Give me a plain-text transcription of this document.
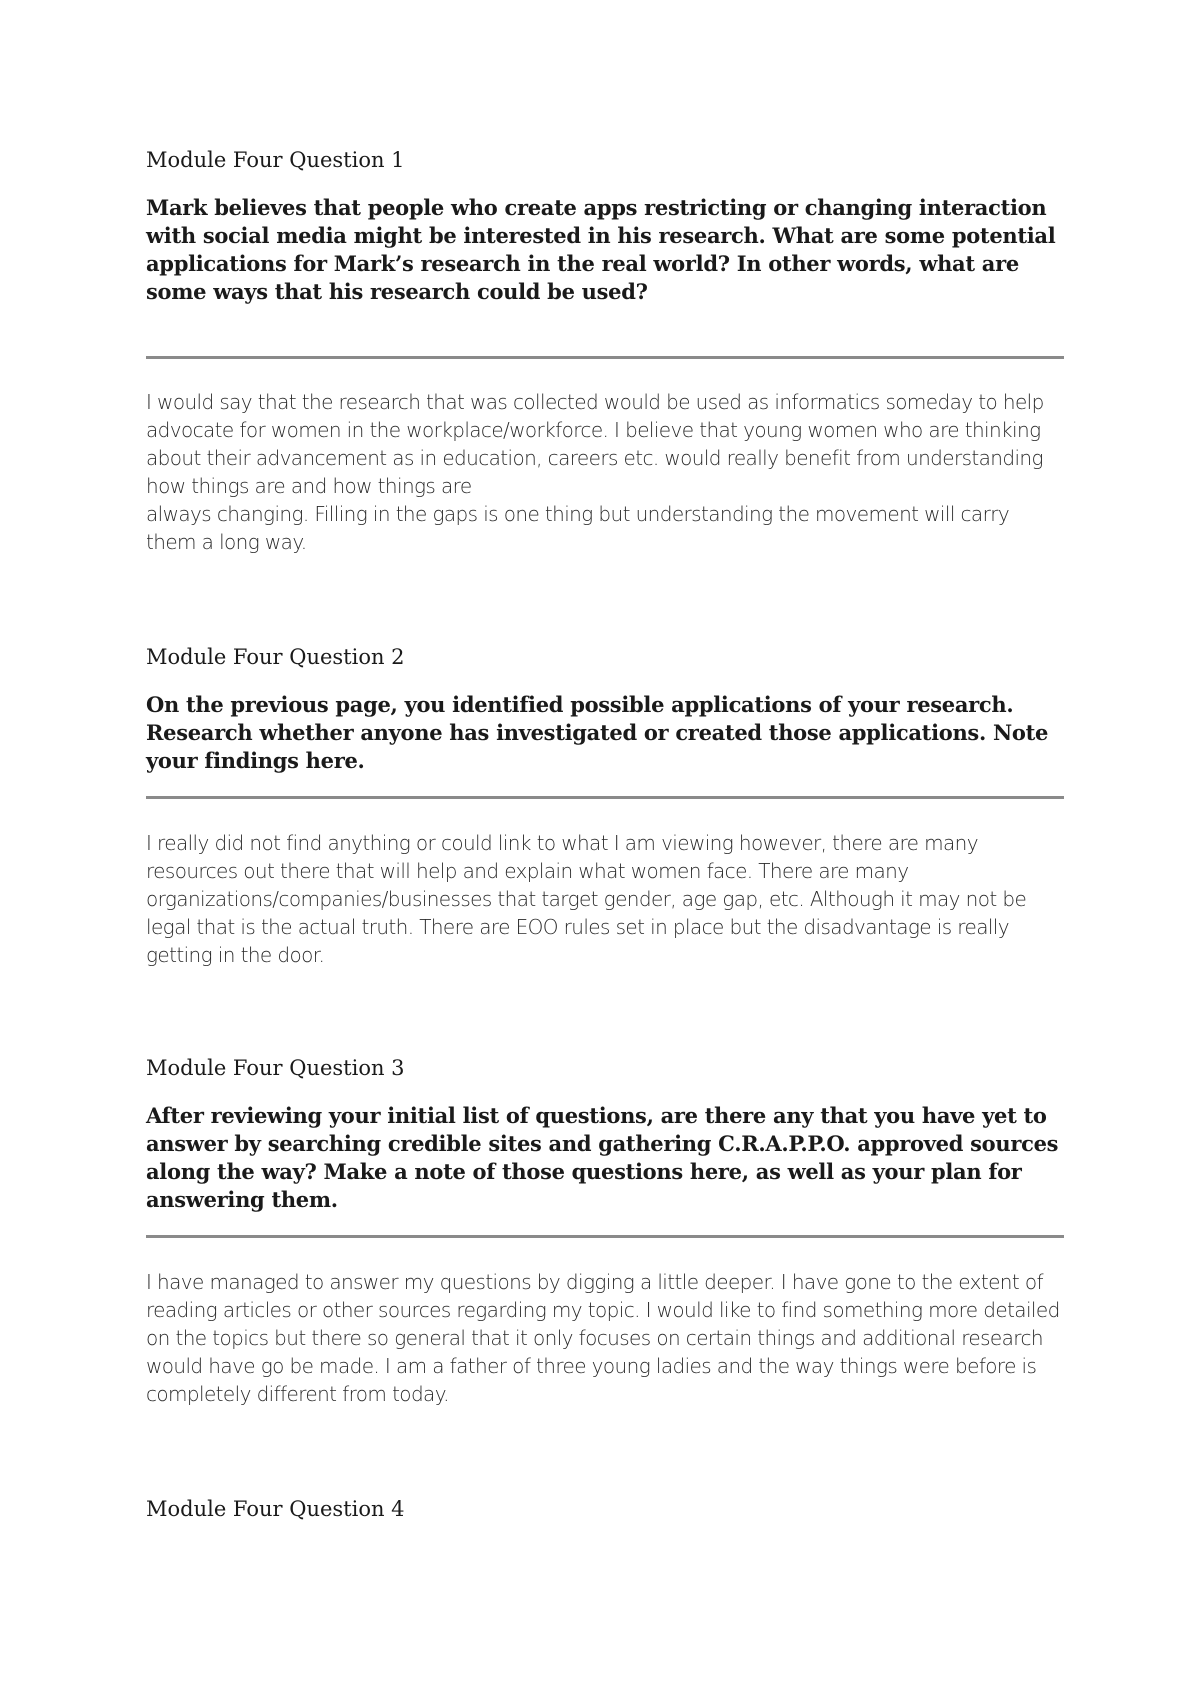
Module Four Question 1

Mark believes that people who create apps restricting or changing interaction with social media might be interested in his research. What are some potential applications for Mark’s research in the real world? In other words, what are some ways that his research could be used?

I would say that the research that was collected would be used as informatics someday to help advocate for women in the workplace/workforce. I believe that young women who are thinking about their advancement as in education, careers etc. would really benefit from understanding how things are and how things are
always changing. Filling in the gaps is one thing but understanding the movement will carry them a long way.

Module Four Question 2

On the previous page, you identified possible applications of your research. Research whether anyone has investigated or created those applications. Note your findings here.

I really did not find anything or could link to what I am viewing however, there are many resources out there that will help and explain what women face. There are many organizations/companies/businesses that target gender, age gap, etc. Although it may not be legal that is the actual truth. There are EOO rules set in place but the disadvantage is really getting in the door.

Module Four Question 3

After reviewing your initial list of questions, are there any that you have yet to answer by searching credible sites and gathering C.R.A.P.P.O. approved sources along the way? Make a note of those questions here, as well as your plan for answering them.

I have managed to answer my questions by digging a little deeper. I have gone to the extent of reading articles or other sources regarding my topic. I would like to find something more detailed on the topics but there so general that it only focuses on certain things and additional research would have go be made. I am a father of three young ladies and the way things were before is completely different from today.

Module Four Question 4
